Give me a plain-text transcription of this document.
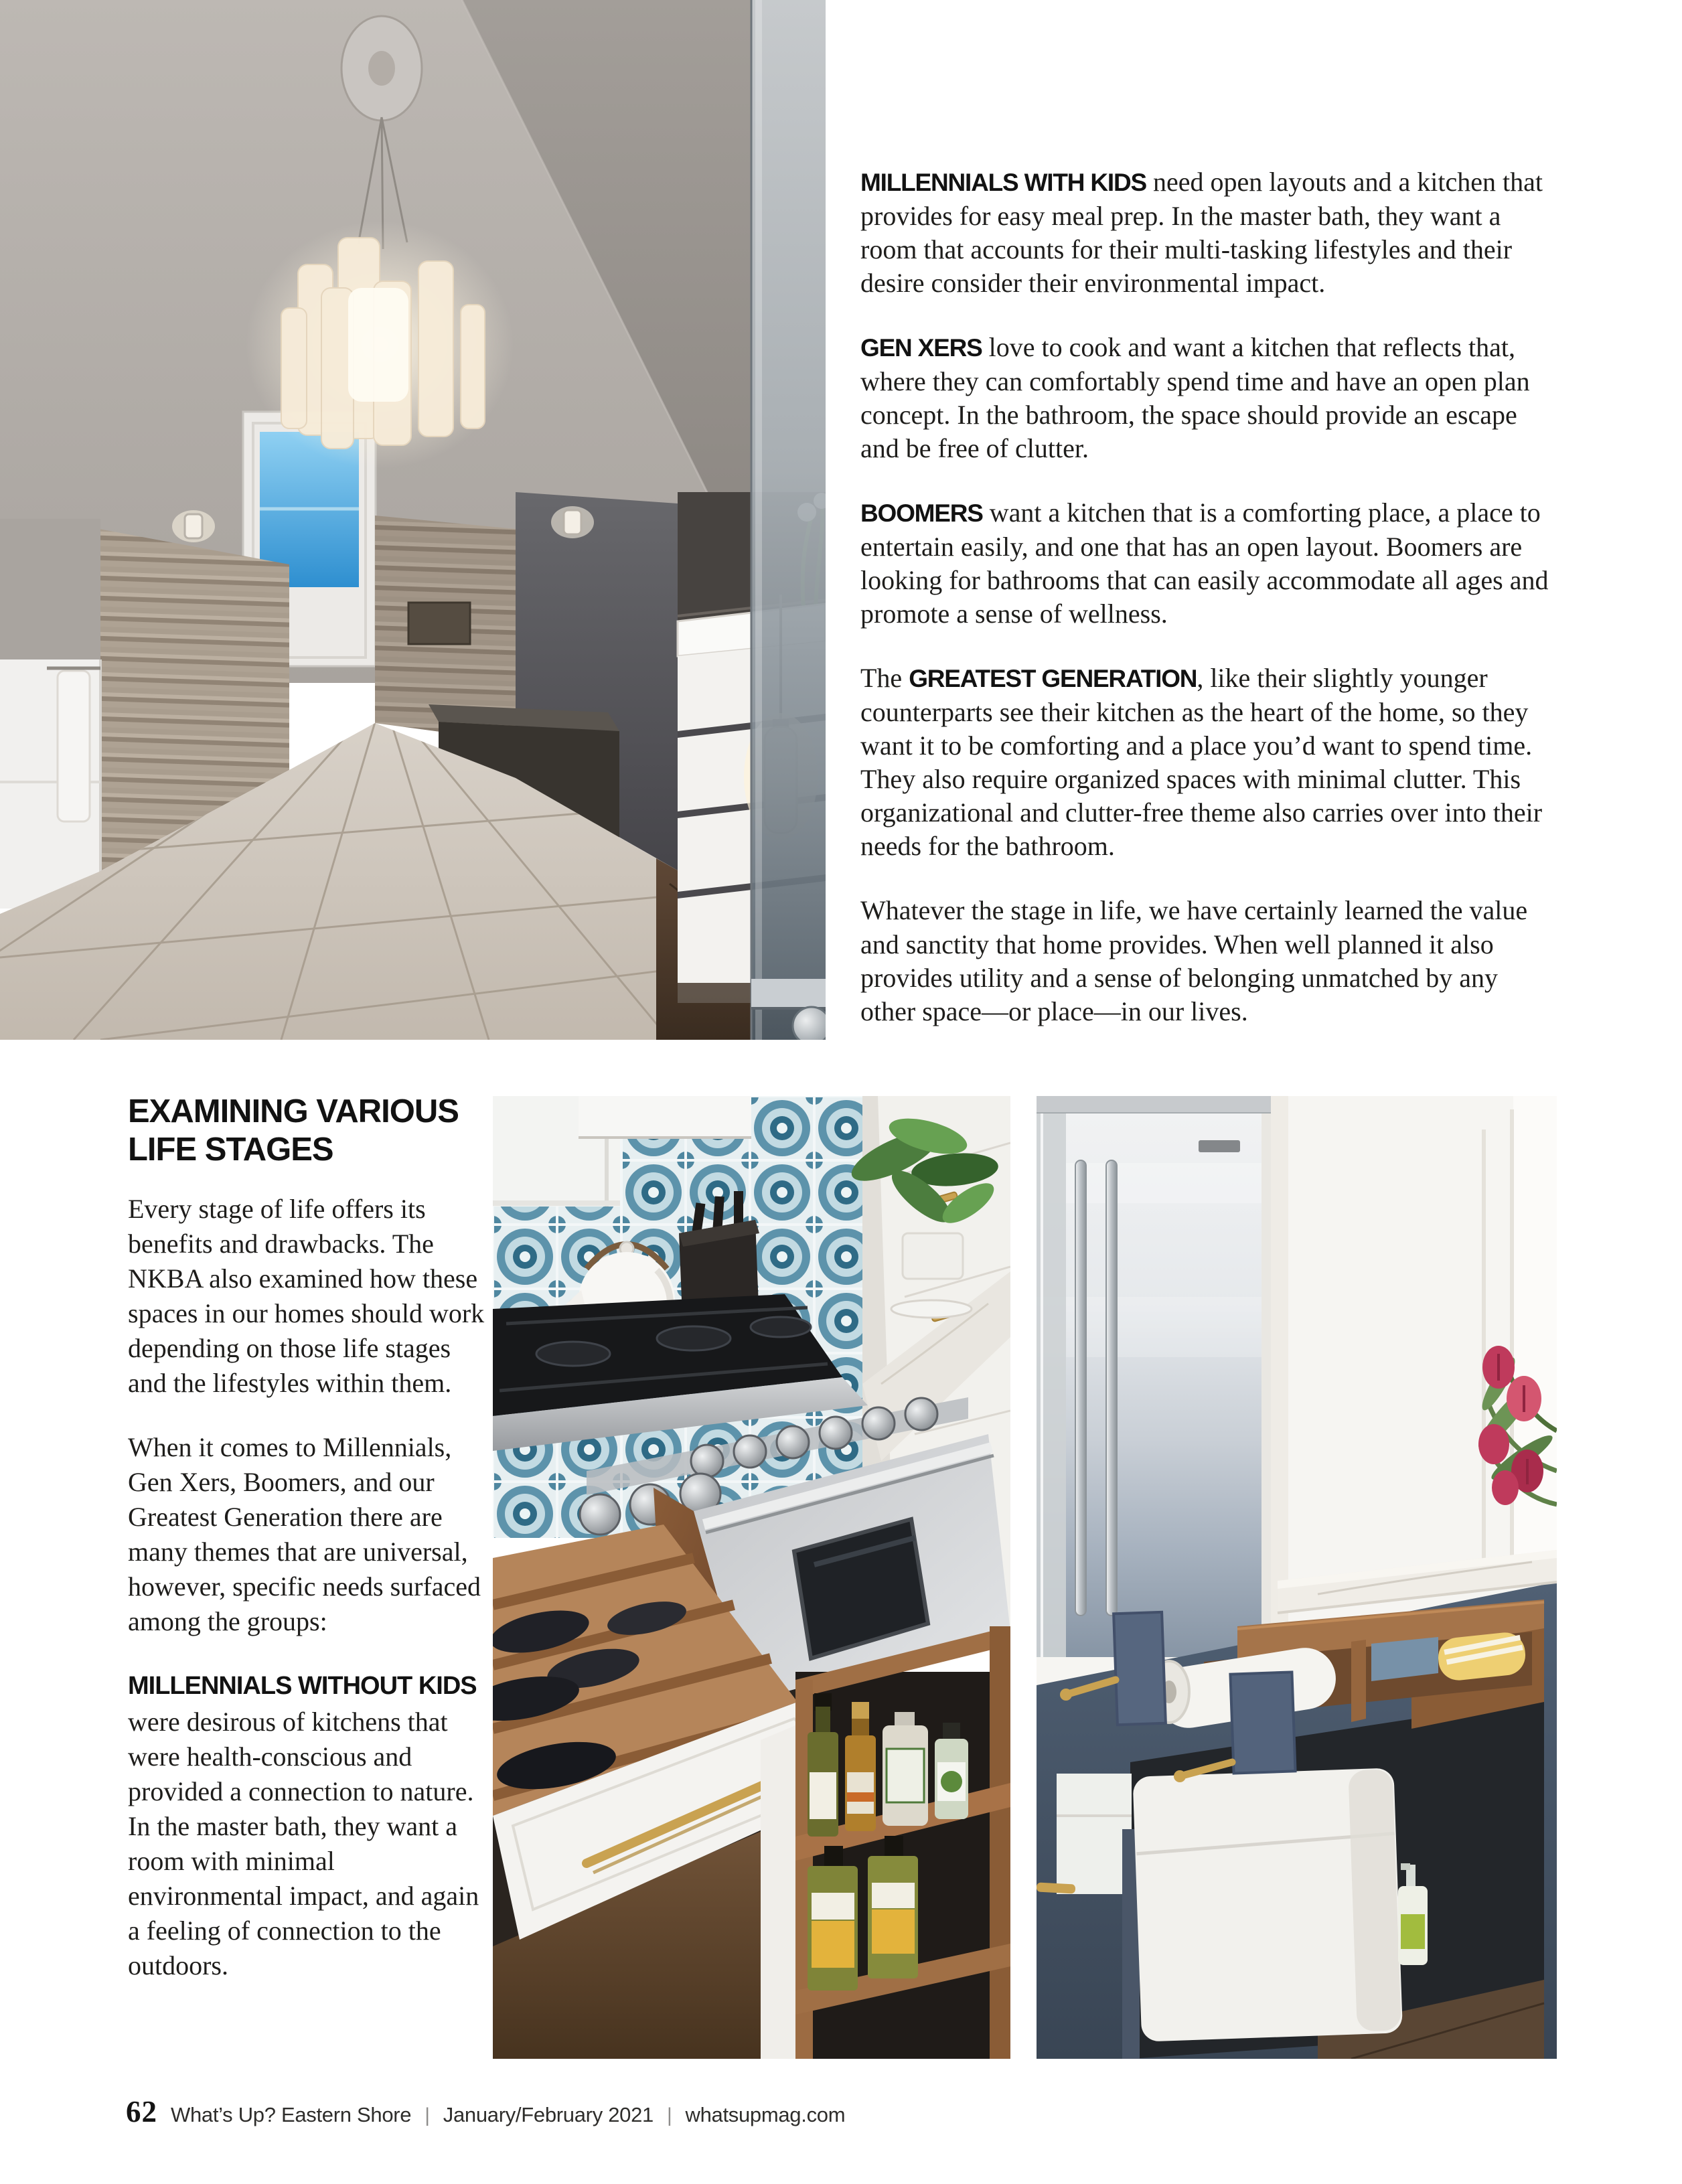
MILLENNIALS WITH KIDS need open layouts and a kitchen that provides for easy meal prep. In the master bath, they want a room that accounts for their multi-tasking lifestyles and their desire consider their environmental impact.

GEN XERS love to cook and want a kitchen that reflects that, where they can comfortably spend time and have an open plan concept. In the bathroom, the space should provide an escape and be free of clutter.

BOOMERS want a kitchen that is a comforting place, a place to entertain easily, and one that has an open layout. Boomers are looking for bathrooms that can easily accommodate all ages and promote a sense of wellness.

The GREATEST GENERATION, like their slightly younger counterparts see their kitchen as the heart of the home, so they want it to be comforting and a place you’d want to spend time. They also require organized spaces with minimal clutter. This organizational and clutter-free theme also carries over into their needs for the bathroom.

Whatever the stage in life, we have certainly learned the value and sanctity that home provides. When well planned it also provides utility and a sense of belonging unmatched by any other space—or place—in our lives.

EXAMINING VARIOUS LIFE STAGES

Every stage of life offers its benefits and drawbacks. The NKBA also examined how these spaces in our homes should work depending on those life stages and the lifestyles within them.

When it comes to Millennials, Gen Xers, Boomers, and our Greatest Generation there are many themes that are universal, however, specific needs surfaced among the groups:

MILLENNIALS WITHOUT KIDS

were desirous of kitchens that were health-conscious and provided a connection to nature. In the master bath, they want a room with minimal environmental impact, and again a feeling of connection to the outdoors.

62 What’s Up? Eastern Shore | January/February 2021 | whatsupmag.com
